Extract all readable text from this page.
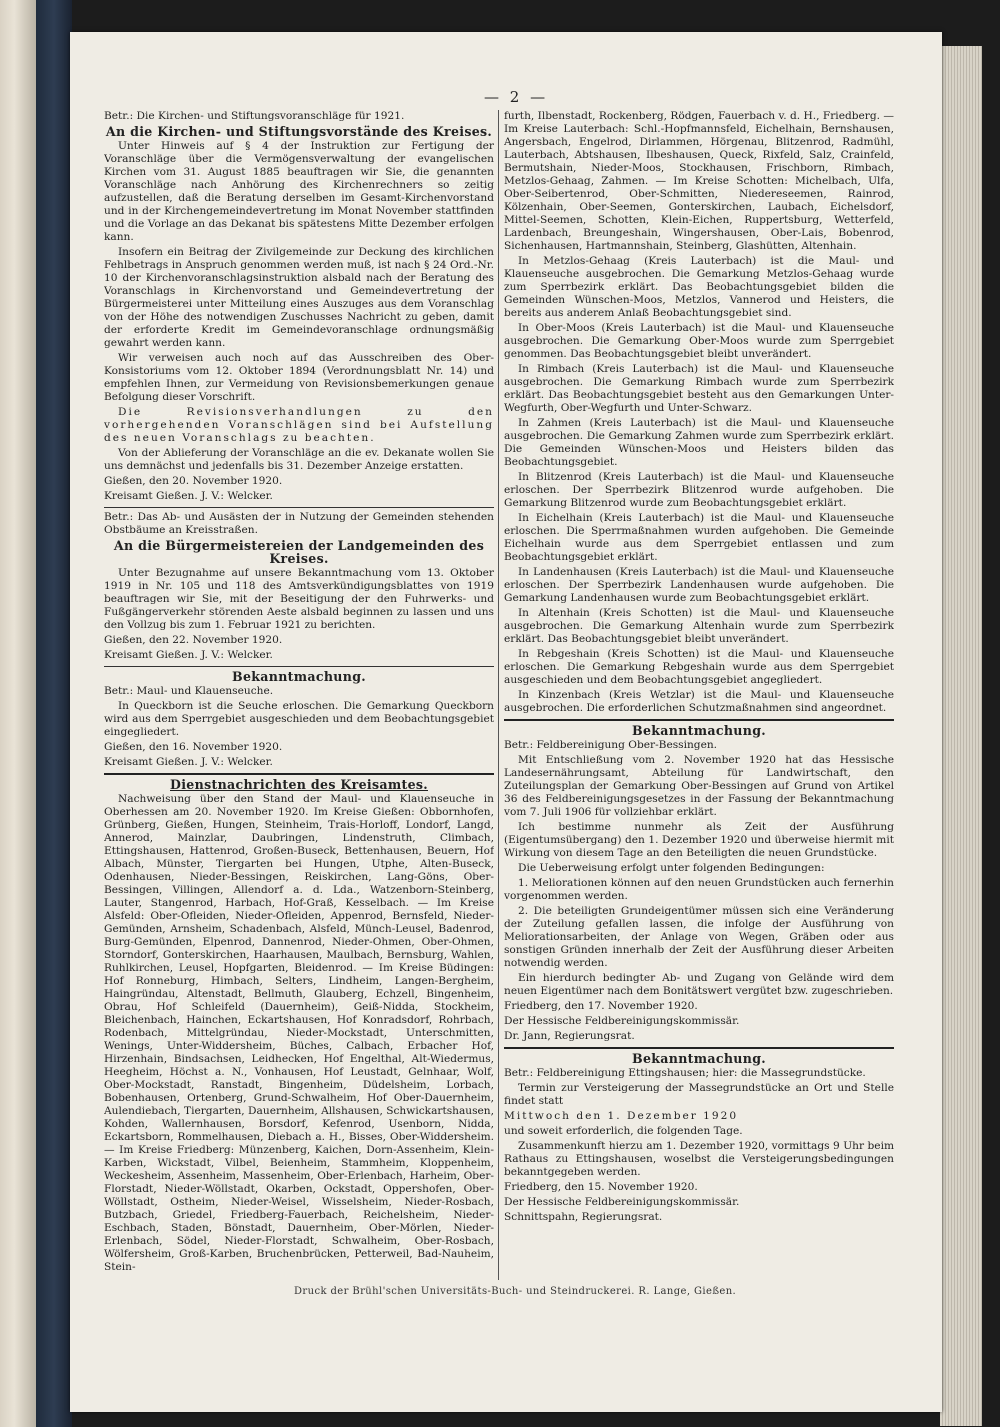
— 2 —

Betr.: Die Kirchen- und Stiftungsvoranschläge für 1921.

An die Kirchen- und Stiftungsvorstände des Kreises.

Unter Hinweis auf § 4 der Instruktion zur Fertigung der Voranschläge über die Vermögensverwaltung der evangelischen Kirchen vom 31. August 1885 beauftragen wir Sie, die genannten Voranschläge nach Anhörung des Kirchenrechners so zeitig aufzustellen, daß die Beratung derselben im Gesamt-Kirchenvorstand und in der Kirchengemeindevertretung im Monat November stattfinden und die Vorlage an das Dekanat bis spätestens Mitte Dezember erfolgen kann.

Insofern ein Beitrag der Zivilgemeinde zur Deckung des kirchlichen Fehlbetrags in Anspruch genommen werden muß, ist nach § 24 Ord.-Nr. 10 der Kirchenvoranschlagsinstruktion alsbald nach der Beratung des Voranschlags in Kirchenvorstand und Gemeindevertretung der Bürgermeisterei unter Mitteilung eines Auszuges aus dem Voranschlag von der Höhe des notwendigen Zuschusses Nachricht zu geben, damit der erforderte Kredit im Gemeindevoranschlage ordnungsmäßig gewahrt werden kann.

Wir verweisen auch noch auf das Ausschreiben des Ober-Konsistoriums vom 12. Oktober 1894 (Verordnungsblatt Nr. 14) und empfehlen Ihnen, zur Vermeidung von Revisionsbemerkungen genaue Befolgung dieser Vorschrift.

Die Revisionsverhandlungen zu den vorhergehenden Voranschlägen sind bei Aufstellung des neuen Voranschlags zu beachten.

Von der Ablieferung der Voranschläge an die ev. Dekanate wollen Sie uns demnächst und jedenfalls bis 31. Dezember Anzeige erstatten.

Gießen, den 20. November 1920.

Kreisamt Gießen. J. V.: Welcker.

Betr.: Das Ab- und Ausästen der in Nutzung der Gemeinden stehenden Obstbäume an Kreisstraßen.

An die Bürgermeistereien der Landgemeinden des Kreises.

Unter Bezugnahme auf unsere Bekanntmachung vom 13. Oktober 1919 in Nr. 105 und 118 des Amtsverkündigungsblattes von 1919 beauftragen wir Sie, mit der Beseitigung der den Fuhrwerks- und Fußgängerverkehr störenden Aeste alsbald beginnen zu lassen und uns den Vollzug bis zum 1. Februar 1921 zu berichten.

Gießen, den 22. November 1920.

Kreisamt Gießen. J. V.: Welcker.

Bekanntmachung.

Betr.: Maul- und Klauenseuche.

In Queckborn ist die Seuche erloschen. Die Gemarkung Queckborn wird aus dem Sperrgebiet ausgeschieden und dem Beobachtungsgebiet eingegliedert.

Gießen, den 16. November 1920.

Kreisamt Gießen. J. V.: Welcker.

Dienstnachrichten des Kreisamtes.

Nachweisung über den Stand der Maul- und Klauenseuche in Oberhessen am 20. November 1920. Im Kreise Gießen: Obbornhofen, Grünberg, Gießen, Hungen, Steinheim, Trais-Horloff, Londorf, Langd, Annerod, Mainzlar, Daubringen, Lindenstruth, Climbach, Ettingshausen, Hattenrod, Großen-Buseck, Bettenhausen, Beuern, Hof Albach, Münster, Tiergarten bei Hungen, Utphe, Alten-Buseck, Odenhausen, Nieder-Bessingen, Reiskirchen, Lang-Göns, Ober-Bessingen, Villingen, Allendorf a. d. Lda., Watzenborn-Steinberg, Lauter, Stangenrod, Harbach, Hof-Graß, Kesselbach. — Im Kreise Alsfeld: Ober-Ofleiden, Nieder-Ofleiden, Appenrod, Bernsfeld, Nieder-Gemünden, Arnsheim, Schadenbach, Alsfeld, Münch-Leusel, Badenrod, Burg-Gemünden, Elpenrod, Dannenrod, Nieder-Ohmen, Ober-Ohmen, Storndorf, Gonterskirchen, Haarhausen, Maulbach, Bernsburg, Wahlen, Ruhlkirchen, Leusel, Hopfgarten, Bleidenrod. — Im Kreise Büdingen: Hof Ronneburg, Himbach, Selters, Lindheim, Langen-Bergheim, Haingründau, Altenstadt, Bellmuth, Glauberg, Echzell, Bingenheim, Obrau, Hof Schleifeld (Dauernheim), Geiß-Nidda, Stockheim, Bleichenbach, Hainchen, Eckartshausen, Hof Konradsdorf, Rohrbach, Rodenbach, Mittelgründau, Nieder-Mockstadt, Unterschmitten, Wenings, Unter-Widdersheim, Büches, Calbach, Erbacher Hof, Hirzenhain, Bindsachsen, Leidhecken, Hof Engelthal, Alt-Wiedermus, Heegheim, Höchst a. N., Vonhausen, Hof Leustadt, Gelnhaar, Wolf, Ober-Mockstadt, Ranstadt, Bingenheim, Düdelsheim, Lorbach, Bobenhausen, Ortenberg, Grund-Schwalheim, Hof Ober-Dauernheim, Aulendiebach, Tiergarten, Dauernheim, Allshausen, Schwickartshausen, Kohden, Wallernhausen, Borsdorf, Kefenrod, Usenborn, Nidda, Eckartsborn, Rommelhausen, Diebach a. H., Bisses, Ober-Widdersheim. — Im Kreise Friedberg: Münzenberg, Kaichen, Dorn-Assenheim, Klein-Karben, Wickstadt, Vilbel, Beienheim, Stammheim, Kloppenheim, Weckesheim, Assenheim, Massenheim, Ober-Erlenbach, Harheim, Ober-Florstadt, Nieder-Wöllstadt, Okarben, Ockstadt, Oppershofen, Ober-Wöllstadt, Ostheim, Nieder-Weisel, Wisselsheim, Nieder-Rosbach, Butzbach, Griedel, Friedberg-Fauerbach, Reichelsheim, Nieder-Eschbach, Staden, Bönstadt, Dauernheim, Ober-Mörlen, Nieder-Erlenbach, Södel, Nieder-Florstadt, Schwalheim, Ober-Rosbach, Wölfersheim, Groß-Karben, Bruchenbrücken, Petterweil, Bad-Nauheim, Stein-

furth, Ilbenstadt, Rockenberg, Rödgen, Fauerbach v. d. H., Friedberg. — Im Kreise Lauterbach: Schl.-Hopfmannsfeld, Eichelhain, Bernshausen, Angersbach, Engelrod, Dirlammen, Hörgenau, Blitzenrod, Radmühl, Lauterbach, Abtshausen, Ilbeshausen, Queck, Rixfeld, Salz, Crainfeld, Bermutshain, Nieder-Moos, Stockhausen, Frischborn, Rimbach, Metzlos-Gehaag, Zahmen. — Im Kreise Schotten: Michelbach, Ulfa, Ober-Seibertenrod, Ober-Schmitten, Niedereseemen, Rainrod, Kölzenhain, Ober-Seemen, Gonterskirchen, Laubach, Eichelsdorf, Mittel-Seemen, Schotten, Klein-Eichen, Ruppertsburg, Wetterfeld, Lardenbach, Breungeshain, Wingershausen, Ober-Lais, Bobenrod, Sichenhausen, Hartmannshain, Steinberg, Glashütten, Altenhain.

In Metzlos-Gehaag (Kreis Lauterbach) ist die Maul- und Klauenseuche ausgebrochen. Die Gemarkung Metzlos-Gehaag wurde zum Sperrbezirk erklärt. Das Beobachtungsgebiet bilden die Gemeinden Wünschen-Moos, Metzlos, Vannerod und Heisters, die bereits aus anderem Anlaß Beobachtungsgebiet sind.

In Ober-Moos (Kreis Lauterbach) ist die Maul- und Klauenseuche ausgebrochen. Die Gemarkung Ober-Moos wurde zum Sperrgebiet genommen. Das Beobachtungsgebiet bleibt unverändert.

In Rimbach (Kreis Lauterbach) ist die Maul- und Klauenseuche ausgebrochen. Die Gemarkung Rimbach wurde zum Sperrbezirk erklärt. Das Beobachtungsgebiet besteht aus den Gemarkungen Unter-Wegfurth, Ober-Wegfurth und Unter-Schwarz.

In Zahmen (Kreis Lauterbach) ist die Maul- und Klauenseuche ausgebrochen. Die Gemarkung Zahmen wurde zum Sperrbezirk erklärt. Die Gemeinden Wünschen-Moos und Heisters bilden das Beobachtungsgebiet.

In Blitzenrod (Kreis Lauterbach) ist die Maul- und Klauenseuche erloschen. Der Sperrbezirk Blitzenrod wurde aufgehoben. Die Gemarkung Blitzenrod wurde zum Beobachtungsgebiet erklärt.

In Eichelhain (Kreis Lauterbach) ist die Maul- und Klauenseuche erloschen. Die Sperrmaßnahmen wurden aufgehoben. Die Gemeinde Eichelhain wurde aus dem Sperrgebiet entlassen und zum Beobachtungsgebiet erklärt.

In Landenhausen (Kreis Lauterbach) ist die Maul- und Klauenseuche erloschen. Der Sperrbezirk Landenhausen wurde aufgehoben. Die Gemarkung Landenhausen wurde zum Beobachtungsgebiet erklärt.

In Altenhain (Kreis Schotten) ist die Maul- und Klauenseuche ausgebrochen. Die Gemarkung Altenhain wurde zum Sperrbezirk erklärt. Das Beobachtungsgebiet bleibt unverändert.

In Rebgeshain (Kreis Schotten) ist die Maul- und Klauenseuche erloschen. Die Gemarkung Rebgeshain wurde aus dem Sperrgebiet ausgeschieden und dem Beobachtungsgebiet angegliedert.

In Kinzenbach (Kreis Wetzlar) ist die Maul- und Klauenseuche ausgebrochen. Die erforderlichen Schutzmaßnahmen sind angeordnet.

Bekanntmachung.

Betr.: Feldbereinigung Ober-Bessingen.

Mit Entschließung vom 2. November 1920 hat das Hessische Landesernährungsamt, Abteilung für Landwirtschaft, den Zuteilungsplan der Gemarkung Ober-Bessingen auf Grund von Artikel 36 des Feldbereinigungsgesetzes in der Fassung der Bekanntmachung vom 7. Juli 1906 für vollziehbar erklärt.

Ich bestimme nunmehr als Zeit der Ausführung (Eigentumsübergang) den 1. Dezember 1920 und überweise hiermit mit Wirkung von diesem Tage an den Beteiligten die neuen Grundstücke.

Die Ueberweisung erfolgt unter folgenden Bedingungen:

1. Meliorationen können auf den neuen Grundstücken auch fernerhin vorgenommen werden.

2. Die beteiligten Grundeigentümer müssen sich eine Veränderung der Zuteilung gefallen lassen, die infolge der Ausführung von Meliorationsarbeiten, der Anlage von Wegen, Gräben oder aus sonstigen Gründen innerhalb der Zeit der Ausführung dieser Arbeiten notwendig werden.

Ein hierdurch bedingter Ab- und Zugang von Gelände wird dem neuen Eigentümer nach dem Bonitätswert vergütet bzw. zugeschrieben.

Friedberg, den 17. November 1920.

Der Hessische Feldbereinigungskommissär.

Dr. Jann, Regierungsrat.

Bekanntmachung.

Betr.: Feldbereinigung Ettingshausen; hier: die Massegrundstücke.

Termin zur Versteigerung der Massegrundstücke an Ort und Stelle findet statt

Mittwoch den 1. Dezember 1920

und soweit erforderlich, die folgenden Tage.

Zusammenkunft hierzu am 1. Dezember 1920, vormittags 9 Uhr beim Rathaus zu Ettingshausen, woselbst die Versteigerungsbedingungen bekanntgegeben werden.

Friedberg, den 15. November 1920.

Der Hessische Feldbereinigungskommissär.

Schnittspahn, Regierungsrat.

Druck der Brühl'schen Universitäts-Buch- und Steindruckerei. R. Lange, Gießen.
